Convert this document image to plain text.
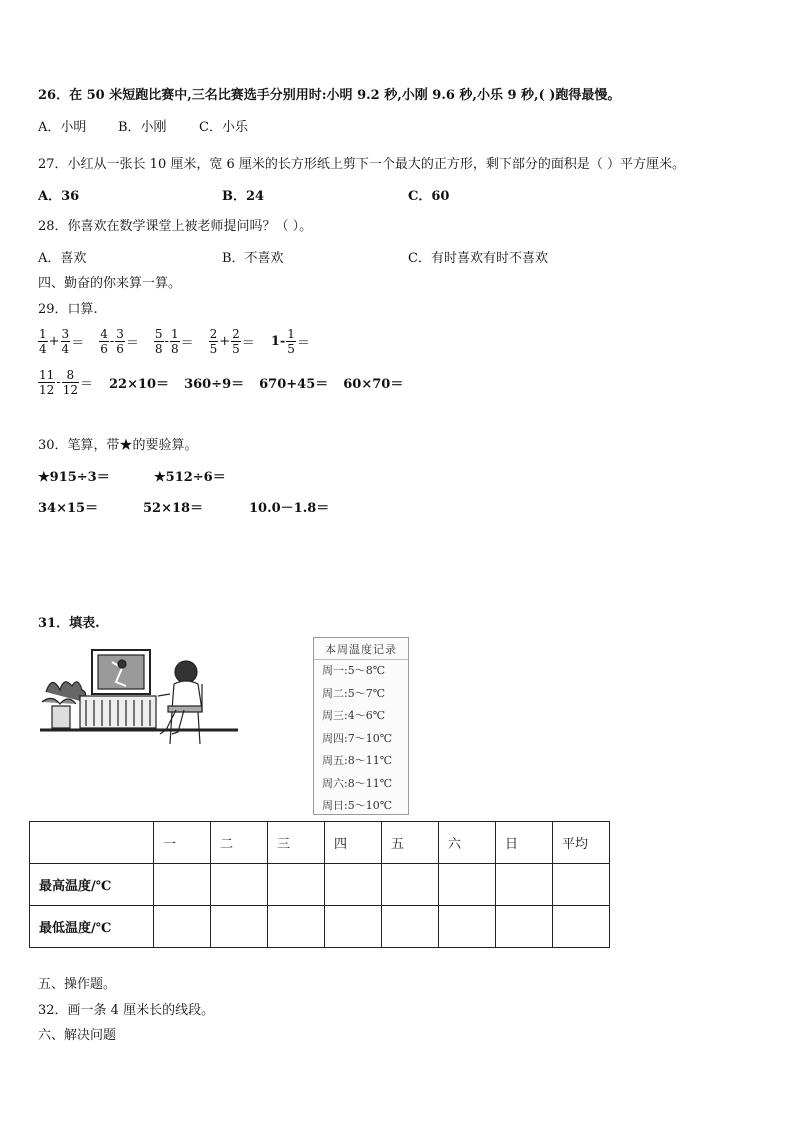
26．在 50 米短跑比赛中,三名比赛选手分别用时:小明 9.2 秒,小刚 9.6 秒,小乐 9 秒,( )跑得最慢。
A．小明 B．小刚 C．小乐
27．小红从一张长 10 厘米，宽 6 厘米的长方形纸上剪下一个最大的正方形，剩下部分的面积是（ ）平方厘米。
A．36	B．24	C．60
28．你喜欢在数学课堂上被老师提问吗？（ ）。
A．喜欢	B．不喜欢	C．有时喜欢有时不喜欢
四、勤奋的你来算一算。
29．口算.
$\frac{1}{4} + \frac{3}{4} = \frac{4}{6} - \frac{3}{6} = \frac{5}{8} - \frac{1}{8} = \frac{2}{5} + \frac{2}{5} = 1- \frac{1}{5}$ ＝
$\frac{11}{12} - \frac{8}{12} = 22\times 10= 360\div 9= 670+45= 60\times 70=$
30．笔算，带★的要验算。
★915÷3＝	★512÷6＝
34×15＝	52×18＝	10.0－1.8＝
31．填表.
本周温度记录
周一:5～8℃
周二:5～7℃
周三:4～6℃
周四:7～10℃
周五:8～11℃
周六:8～11℃
周日:5～10℃
	一	二	三	四	五	六	日	平均
最高温度/℃								
最低温度/℃								
五、操作题。
32．画一条 4 厘米长的线段。
六、解决问题
